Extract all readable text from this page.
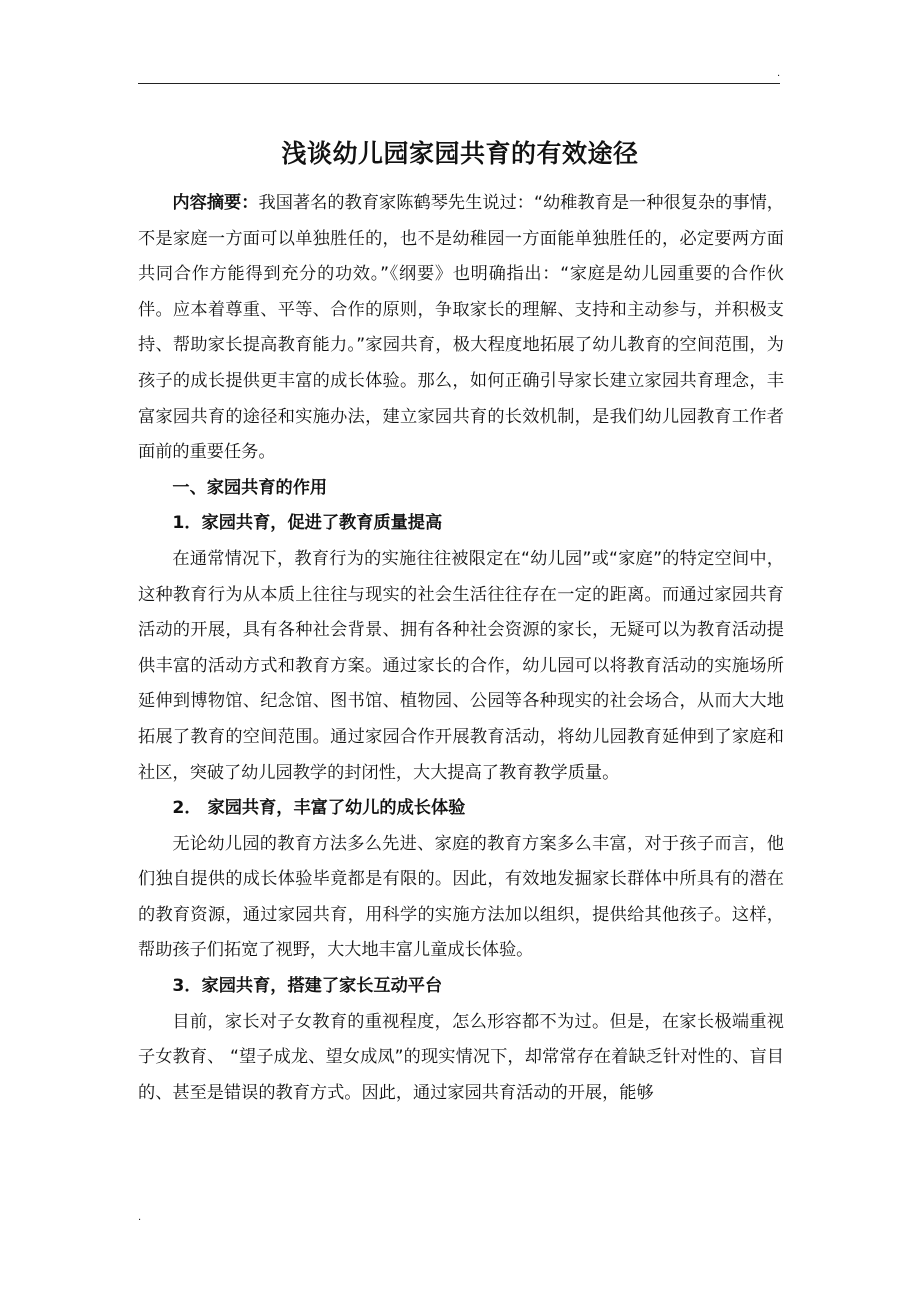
.
浅谈幼儿园家园共育的有效途径

内容摘要：我国著名的教育家陈鹤琴先生说过：“幼稚教育是一种很复杂的事情，不是家庭一方面可以单独胜任的，也不是幼稚园一方面能单独胜任的，必定要两方面共同合作方能得到充分的功效。”《纲要》也明确指出：“家庭是幼儿园重要的合作伙伴。应本着尊重、平等、合作的原则，争取家长的理解、支持和主动参与，并积极支持、帮助家长提高教育能力。”家园共育，极大程度地拓展了幼儿教育的空间范围，为孩子的成长提供更丰富的成长体验。那么，如何正确引导家长建立家园共育理念，丰富家园共育的途径和实施办法，建立家园共育的长效机制，是我们幼儿园教育工作者面前的重要任务。

一、家园共育的作用

1．家园共育，促进了教育质量提高

在通常情况下，教育行为的实施往往被限定在“幼儿园”或“家庭”的特定空间中，这种教育行为从本质上往往与现实的社会生活往往存在一定的距离。而通过家园共育活动的开展，具有各种社会背景、拥有各种社会资源的家长，无疑可以为教育活动提供丰富的活动方式和教育方案。通过家长的合作，幼儿园可以将教育活动的实施场所延伸到博物馆、纪念馆、图书馆、植物园、公园等各种现实的社会场合，从而大大地拓展了教育的空间范围。通过家园合作开展教育活动，将幼儿园教育延伸到了家庭和社区，突破了幼儿园教学的封闭性，大大提高了教育教学质量。

2． 家园共育，丰富了幼儿的成长体验

无论幼儿园的教育方法多么先进、家庭的教育方案多么丰富，对于孩子而言，他们独自提供的成长体验毕竟都是有限的。因此，有效地发掘家长群体中所具有的潜在的教育资源，通过家园共育，用科学的实施方法加以组织，提供给其他孩子。这样，帮助孩子们拓宽了视野，大大地丰富儿童成长体验。

3．家园共育，搭建了家长互动平台

目前，家长对子女教育的重视程度，怎么形容都不为过。但是，在家长极端重视子女教育、 “望子成龙、望女成凤”的现实情况下，却常常存在着缺乏针对性的、盲目的、甚至是错误的教育方式。因此，通过家园共育活动的开展，能够

.
